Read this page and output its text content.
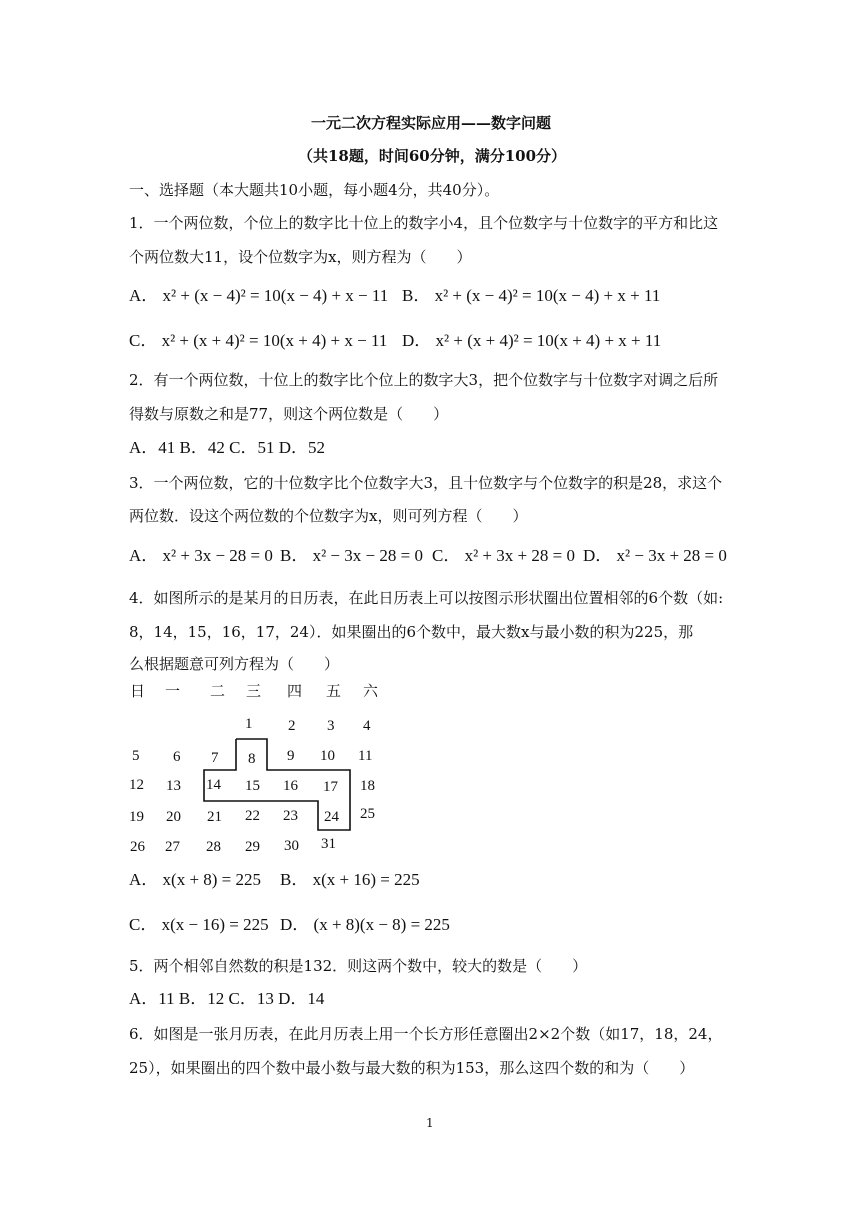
一元二次方程实际应用——数字问题
（共18题，时间60分钟，满分100分）
一、选择题（本大题共10小题，每小题4分，共40分）。
1．一个两位数，个位上的数字比十位上的数字小4，且个位数字与十位数字的平方和比这
个两位数大11，设个位数字为x，则方程为（　　）
A． x² + (x − 4)² = 10(x − 4) + x − 11 B． x² + (x − 4)² = 10(x − 4) + x + 11
C． x² + (x + 4)² = 10(x + 4) + x − 11 D． x² + (x + 4)² = 10(x + 4) + x + 11
2．有一个两位数，十位上的数字比个位上的数字大3，把个位数字与十位数字对调之后所
得数与原数之和是77，则这个两位数是（　　）
A．41 B．42 C．51 D．52
3．一个两位数，它的十位数字比个位数字大3，且十位数字与个位数字的积是28，求这个
两位数．设这个两位数的个位数字为x，则可列方程（　　）
A． x² + 3x − 28 = 0 B． x² − 3x − 28 = 0 C． x² + 3x + 28 = 0 D． x² − 3x + 28 = 0
4．如图所示的是某月的日历表，在此日历表上可以按图示形状圈出位置相邻的6个数（如:
8，14，15，16，17，24）．如果圈出的6个数中，最大数x与最小数的积为225，那
么根据题意可列方程为（　　）
日 一 二 三 四 五 六
1 2 3 4
5 6 7 8 9 10 11
12 13 14 15 16 17 18
19 20 21 22 23 24 25
26 27 28 29 30 31
A． x(x + 8) = 225 B． x(x + 16) = 225
C． x(x − 16) = 225 D． (x + 8)(x − 8) = 225
5．两个相邻自然数的积是132．则这两个数中，较大的数是（　　）
A．11 B．12 C．13 D．14
6．如图是一张月历表，在此月历表上用一个长方形任意圈出2×2个数（如17，18，24，
25），如果圈出的四个数中最小数与最大数的积为153，那么这四个数的和为（　　）
1
